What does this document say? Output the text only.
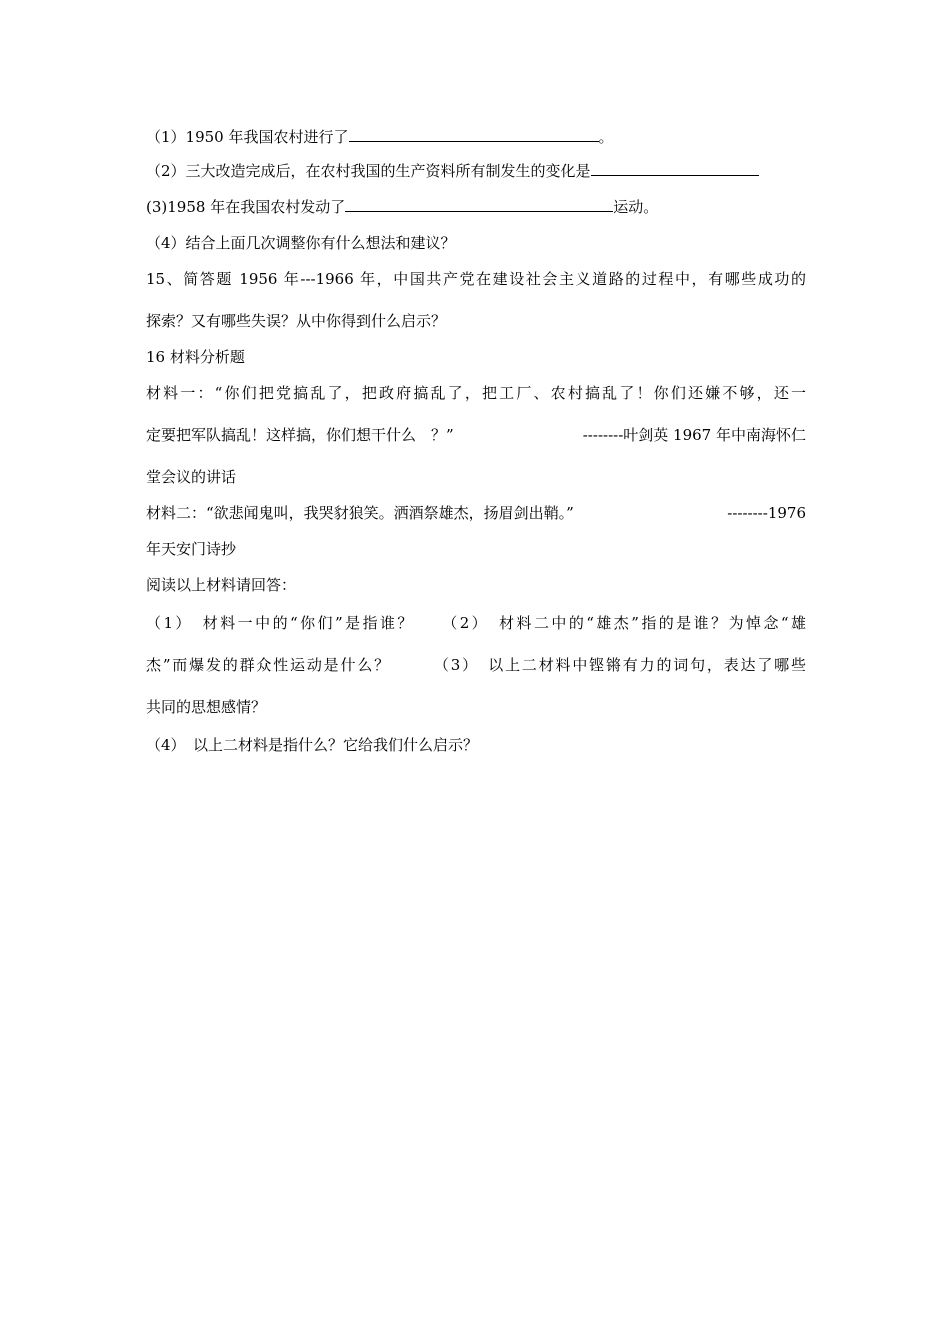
（1）1950 年我国农村进行了	。
（2）三大改造完成后，在农村我国的生产资料所有制发生的变化是
(3)1958 年在我国农村发动了	运动。
（4）结合上面几次调整你有什么想法和建议？
15、简答题 1956 年---1966 年，中国共产党在建设社会主义道路的过程中，有哪些成功的
探索？又有哪些失误？从中你得到什么启示？
16 材料分析题
材料一：“你们把党搞乱了，把政府搞乱了，把工厂、农村搞乱了！你们还嫌不够，还一
定要把军队搞乱！这样搞，你们想干什么　？”	--------叶剑英 1967 年中南海怀仁
堂会议的讲话
材料二：“欲悲闻鬼叫，我哭豺狼笑。洒酒祭雄杰，扬眉剑出鞘。”	--------1976
年天安门诗抄
阅读以上材料请回答：
（1）　材料一中的“你们”是指谁？　　（2）　材料二中的“雄杰”指的是谁？为悼念“雄
杰”而爆发的群众性运动是什么？　　　（3）　以上二材料中铿锵有力的词句，表达了哪些
共同的思想感情？
（4）　以上二材料是指什么？它给我们什么启示？
